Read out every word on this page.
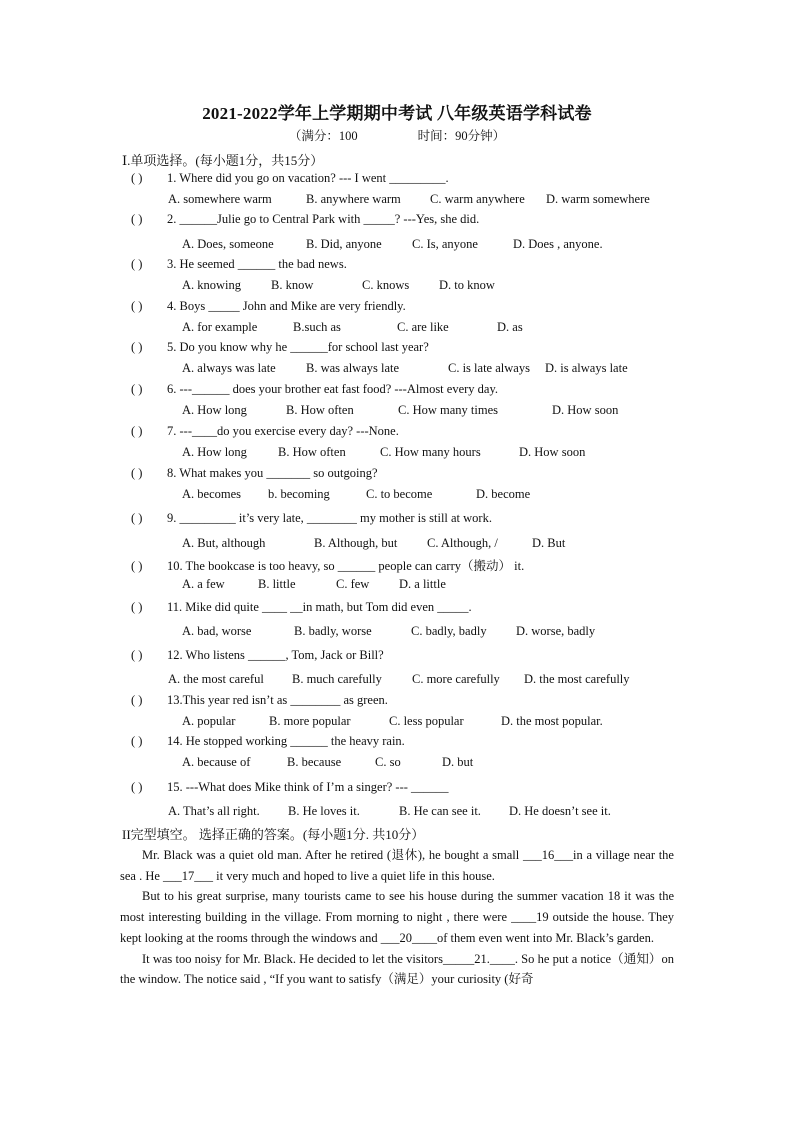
2021-2022学年上学期期中考试 八年级英语学科试卷
（满分：100	时间：90分钟）
Ⅰ.单项选择。(每小题1分，共15分）
( ) 1. Where did you go on vacation? --- I went _________.
A. somewhere warm	B. anywhere warm C. warm anywhere D. warm somewhere
( ) 2. ______Julie go to Central Park with _____? ---Yes, she did.
A. Does, someone	B. Did, anyone C. Is, anyone	D. Does , anyone.
( ) 3. He seemed ______ the bad news.
A. knowing B. know	C. knows D. to know
( ) 4. Boys _____ John and Mike are very friendly.
A. for example	B.such as	C. are like	D. as
( ) 5. Do you know why he ______for school last year?
A. always was late B. was always late	C. is late always D. is always late
( ) 6. ---______ does your brother eat fast food? ---Almost every day.
A. How long	B. How often	C. How many times	D. How soon
( ) 7. ---____do you exercise every day? ---None.
A. How long B. How often	C. How many hours	D. How soon
( ) 8. What makes you _______ so outgoing?
A. becomes b. becoming	C. to become	D. become
( ) 9. _________ it’s very late, ________ my mother is still at work.
A. But, although	B. Although, but C. Although, /	D. But
( ) 10. The bookcase is too heavy, so ______ people can carry（搬动） it.
A. a few	B. little	C. few D. a little
( ) 11. Mike did quite ____ __in math, but Tom did even _____.
A. bad, worse	B. badly, worse	C. badly, badly D. worse, badly
( ) 12. Who listens ______, Tom, Jack or Bill?
A. the most careful B. much carefully C. more carefully D. the most carefully
( ) 13.This year red isn’t as ________ as green.
A. popular	B. more popular	C. less popular	D. the most popular.
( ) 14. He stopped working ______ the heavy rain.
A. because of	B. because	C. so	D. but
( ) 15. ---What does Mike think of I’m a singer? --- ______
A. That’s all right. B. He loves it.	B. He can see it. D. He doesn’t see it.
II完型填空。 选择正确的答案。(每小题1分. 共10分）

Mr. Black was a quiet old man. After he retired (退休), he bought a small ___16___in a village near the sea . He ___17___ it very much and hoped to live a quiet life in this house.

But to his great surprise, many tourists came to see his house during the summer vacation 18 it was the most interesting building in the village. From morning to night , there were ____19 outside the house. They kept looking at the rooms through the windows and ___20____of them even went into Mr. Black’s garden.

It was too noisy for Mr. Black. He decided to let the visitors_____21.____. So he put a notice（通知）on the window. The notice said , “If you want to satisfy（满足）your curiosity (好奇
